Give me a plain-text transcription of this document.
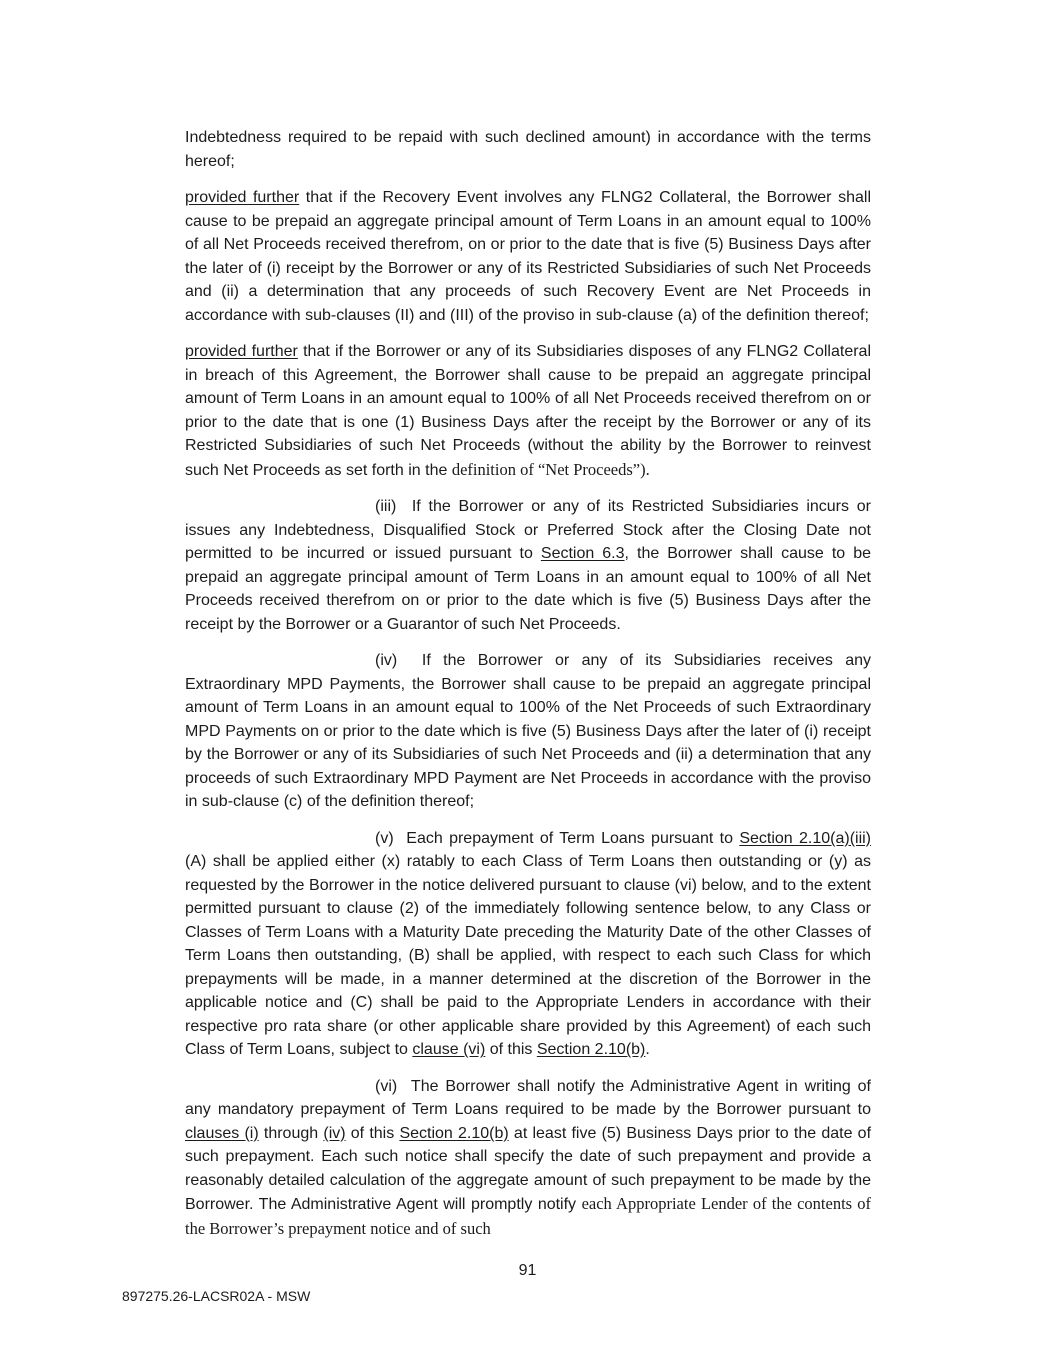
Indebtedness required to be repaid with such declined amount) in accordance with the terms hereof;

provided further that if the Recovery Event involves any FLNG2 Collateral, the Borrower shall cause to be prepaid an aggregate principal amount of Term Loans in an amount equal to 100% of all Net Proceeds received therefrom, on or prior to the date that is five (5) Business Days after the later of (i) receipt by the Borrower or any of its Restricted Subsidiaries of such Net Proceeds and (ii) a determination that any proceeds of such Recovery Event are Net Proceeds in accordance with sub-clauses (II) and (III) of the proviso in sub-clause (a) of the definition thereof;

provided further that if the Borrower or any of its Subsidiaries disposes of any FLNG2 Collateral in breach of this Agreement, the Borrower shall cause to be prepaid an aggregate principal amount of Term Loans in an amount equal to 100% of all Net Proceeds received therefrom on or prior to the date that is one (1) Business Days after the receipt by the Borrower or any of its Restricted Subsidiaries of such Net Proceeds (without the ability by the Borrower to reinvest such Net Proceeds as set forth in the definition of “Net Proceeds”).

(iii)  If the Borrower or any of its Restricted Subsidiaries incurs or issues any Indebtedness, Disqualified Stock or Preferred Stock after the Closing Date not permitted to be incurred or issued pursuant to Section 6.3, the Borrower shall cause to be prepaid an aggregate principal amount of Term Loans in an amount equal to 100% of all Net Proceeds received therefrom on or prior to the date which is five (5) Business Days after the receipt by the Borrower or a Guarantor of such Net Proceeds.

(iv)  If the Borrower or any of its Subsidiaries receives any Extraordinary MPD Payments, the Borrower shall cause to be prepaid an aggregate principal amount of Term Loans in an amount equal to 100% of the Net Proceeds of such Extraordinary MPD Payments on or prior to the date which is five (5) Business Days after the later of (i) receipt by the Borrower or any of its Subsidiaries of such Net Proceeds and (ii) a determination that any proceeds of such Extraordinary MPD Payment are Net Proceeds in accordance with the proviso in sub-clause (c) of the definition thereof;

(v)  Each prepayment of Term Loans pursuant to Section 2.10(a)(iii) (A) shall be applied either (x) ratably to each Class of Term Loans then outstanding or (y) as requested by the Borrower in the notice delivered pursuant to clause (vi) below, and to the extent permitted pursuant to clause (2) of the immediately following sentence below, to any Class or Classes of Term Loans with a Maturity Date preceding the Maturity Date of the other Classes of Term Loans then outstanding, (B) shall be applied, with respect to each such Class for which prepayments will be made, in a manner determined at the discretion of the Borrower in the applicable notice and (C) shall be paid to the Appropriate Lenders in accordance with their respective pro rata share (or other applicable share provided by this Agreement) of each such Class of Term Loans, subject to clause (vi) of this Section 2.10(b).

(vi)  The Borrower shall notify the Administrative Agent in writing of any mandatory prepayment of Term Loans required to be made by the Borrower pursuant to clauses (i) through (iv) of this Section 2.10(b) at least five (5) Business Days prior to the date of such prepayment. Each such notice shall specify the date of such prepayment and provide a reasonably detailed calculation of the aggregate amount of such prepayment to be made by the Borrower. The Administrative Agent will promptly notify each Appropriate Lender of the contents of the Borrower’s prepayment notice and of such

91
897275.26-LACSR02A - MSW
